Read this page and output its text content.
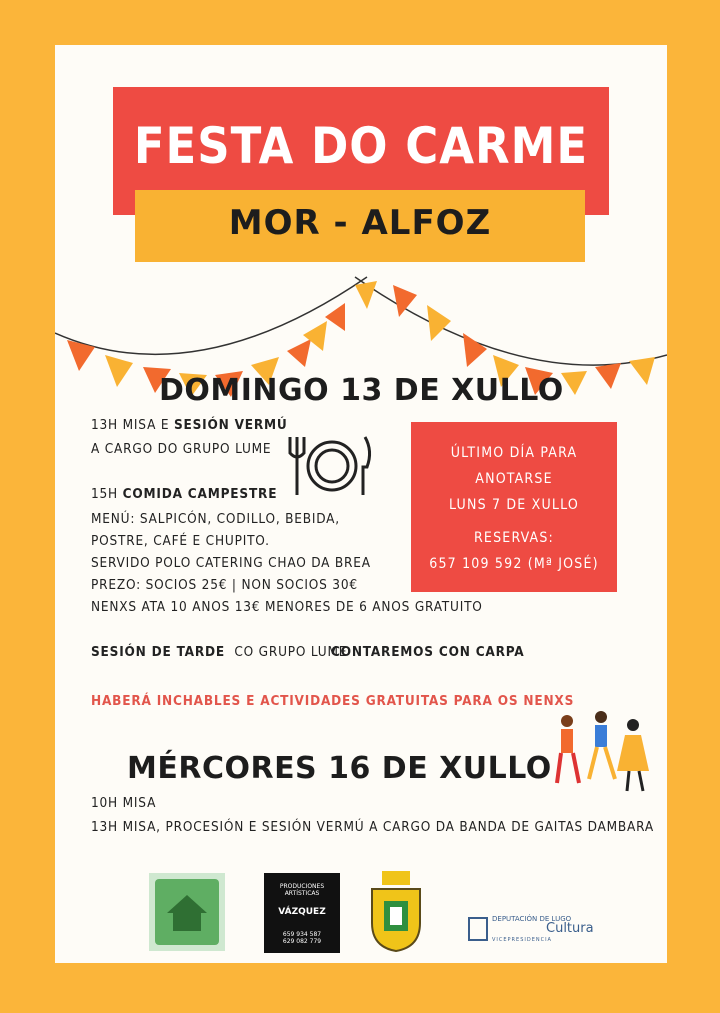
FESTA DO CARME
MOR - ALFOZ
DOMINGO 13 DE XULLO
13H MISA E SESIÓN VERMÚ
A CARGO DO GRUPO LUME
15H COMIDA CAMPESTRE
MENÚ: SALPICÓN, CODILLO, BEBIDA,
POSTRE, CAFÉ E CHUPITO.
SERVIDO POLO CATERING CHAO DA BREA
PREZO: SOCIOS 25€ | NON SOCIOS 30€
NENXS ATA 10 ANOS 13€ MENORES DE 6 ANOS GRATUITO
ÚLTIMO DÍA PARA
ANOTARSE
LUNS 7 DE XULLO
RESERVAS:
657 109 592 (Mª JOSÉ)
SESIÓN DE TARDE CO GRUPO LUME
CONTAREMOS CON CARPA
HABERÁ INCHABLES E ACTIVIDADES GRATUITAS PARA OS NENXS
MÉRCORES 16 DE XULLO
10H MISA
13H MISA, PROCESIÓN E SESIÓN VERMÚ A CARGO DA BANDA DE GAITAS DAMBARA
PRODUCIONES ARTÍSTICAS
VÁZQUEZ
659 934 587
629 082 779
DEPUTACIÓN DE LUGO
Cultura
VICEPRESIDENCIA
